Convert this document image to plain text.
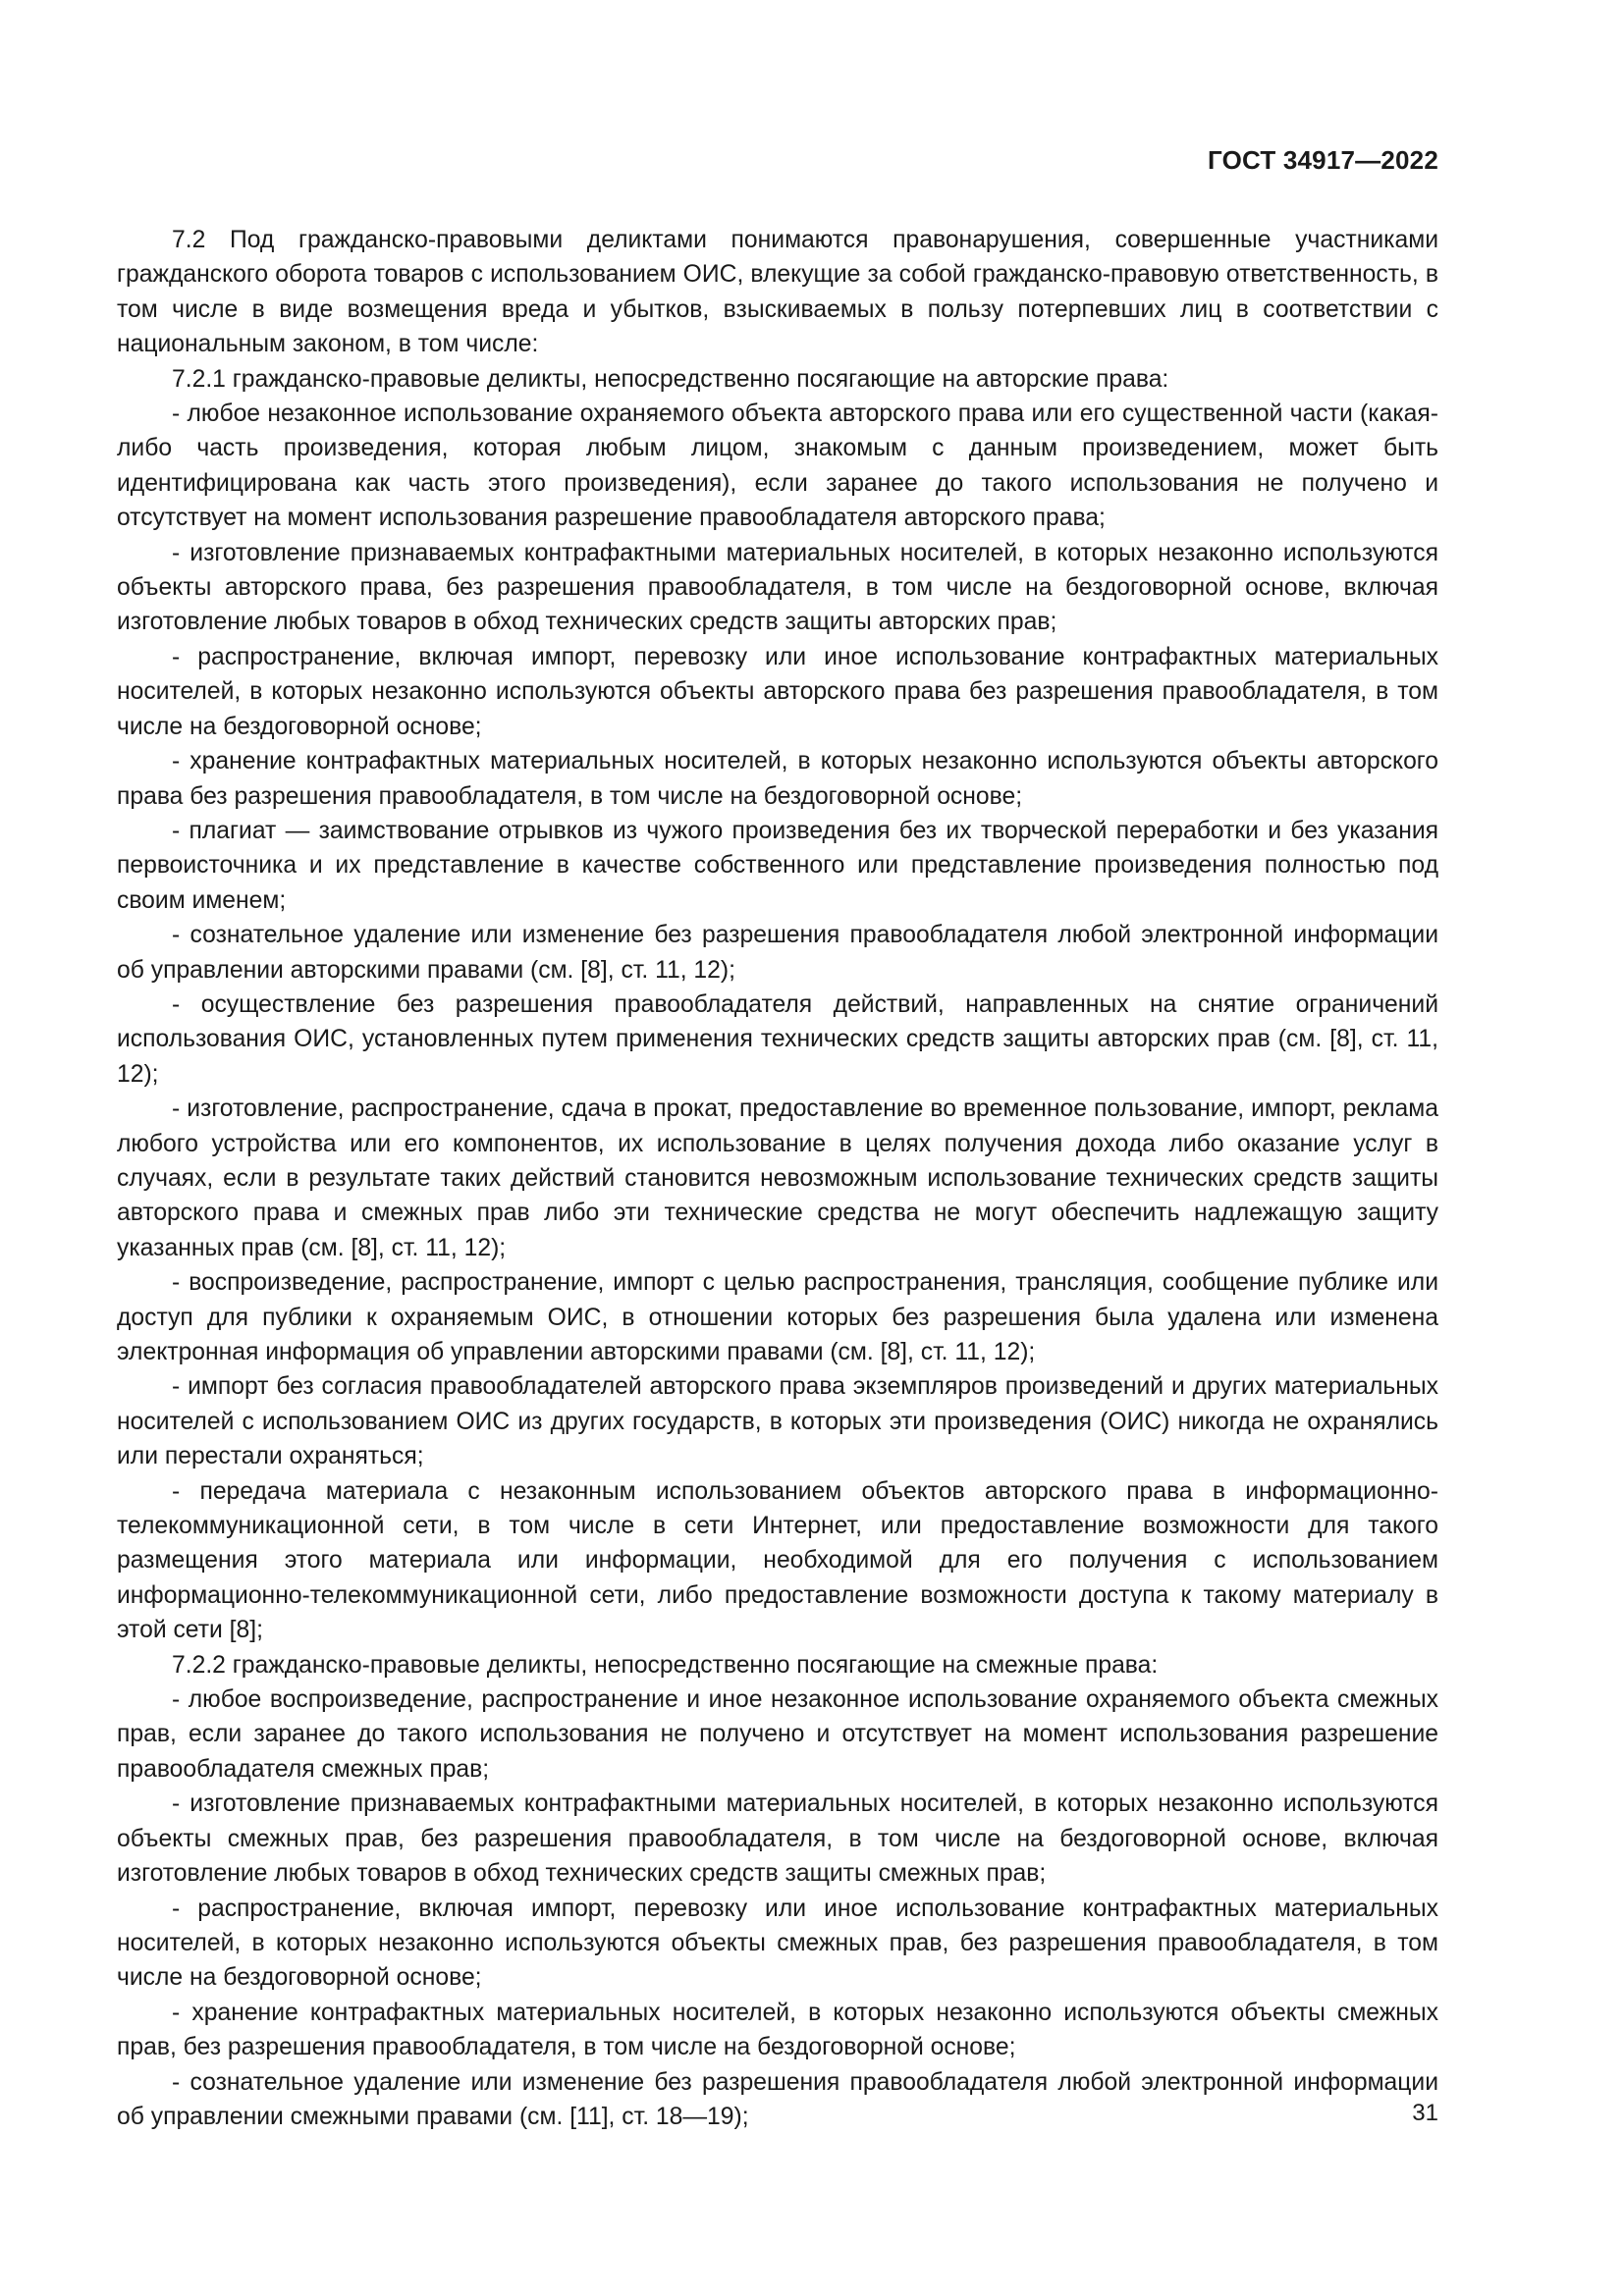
ГОСТ 34917—2022

7.2 Под гражданско-правовыми деликтами понимаются правонарушения, совершенные участниками гражданского оборота товаров с использованием ОИС, влекущие за собой гражданско-правовую ответственность, в том числе в виде возмещения вреда и убытков, взыскиваемых в пользу потерпевших лиц в соответствии с национальным законом, в том числе:

7.2.1 гражданско-правовые деликты, непосредственно посягающие на авторские права:

- любое незаконное использование охраняемого объекта авторского права или его существенной части (какая-либо часть произведения, которая любым лицом, знакомым с данным произведением, может быть идентифицирована как часть этого произведения), если заранее до такого использования не получено и отсутствует на момент использования разрешение правообладателя авторского права;

- изготовление признаваемых контрафактными материальных носителей, в которых незаконно используются объекты авторского права, без разрешения правообладателя, в том числе на бездоговорной основе, включая изготовление любых товаров в обход технических средств защиты авторских прав;

- распространение, включая импорт, перевозку или иное использование контрафактных материальных носителей, в которых незаконно используются объекты авторского права без разрешения правообладателя, в том числе на бездоговорной основе;

- хранение контрафактных материальных носителей, в которых незаконно используются объекты авторского права без разрешения правообладателя, в том числе на бездоговорной основе;

- плагиат — заимствование отрывков из чужого произведения без их творческой переработки и без указания первоисточника и их представление в качестве собственного или представление произведения полностью под своим именем;

- сознательное удаление или изменение без разрешения правообладателя любой электронной информации об управлении авторскими правами (см. [8], ст. 11, 12);

- осуществление без разрешения правообладателя действий, направленных на снятие ограничений использования ОИС, установленных путем применения технических средств защиты авторских прав (см. [8], ст. 11, 12);

- изготовление, распространение, сдача в прокат, предоставление во временное пользование, импорт, реклама любого устройства или его компонентов, их использование в целях получения дохода либо оказание услуг в случаях, если в результате таких действий становится невозможным использование технических средств защиты авторского права и смежных прав либо эти технические средства не могут обеспечить надлежащую защиту указанных прав (см. [8], ст. 11, 12);

- воспроизведение, распространение, импорт с целью распространения, трансляция, сообщение публике или доступ для публики к охраняемым ОИС, в отношении которых без разрешения была удалена или изменена электронная информация об управлении авторскими правами (см. [8], ст. 11, 12);

- импорт без согласия правообладателей авторского права экземпляров произведений и других материальных носителей с использованием ОИС из других государств, в которых эти произведения (ОИС) никогда не охранялись или перестали охраняться;

- передача материала с незаконным использованием объектов авторского права в информационно-телекоммуникационной сети, в том числе в сети Интернет, или предоставление возможности для такого размещения этого материала или информации, необходимой для его получения с использованием информационно-телекоммуникационной сети, либо предоставление возможности доступа к такому материалу в этой сети [8];

7.2.2 гражданско-правовые деликты, непосредственно посягающие на смежные права:

- любое воспроизведение, распространение и иное незаконное использование охраняемого объекта смежных прав, если заранее до такого использования не получено и отсутствует на момент использования разрешение правообладателя смежных прав;

- изготовление признаваемых контрафактными материальных носителей, в которых незаконно используются объекты смежных прав, без разрешения правообладателя, в том числе на бездоговорной основе, включая изготовление любых товаров в обход технических средств защиты смежных прав;

- распространение, включая импорт, перевозку или иное использование контрафактных материальных носителей, в которых незаконно используются объекты смежных прав, без разрешения правообладателя, в том числе на бездоговорной основе;

- хранение контрафактных материальных носителей, в которых незаконно используются объекты смежных прав, без разрешения правообладателя, в том числе на бездоговорной основе;

- сознательное удаление или изменение без разрешения правообладателя любой электронной информации об управлении смежными правами (см. [11], ст. 18—19);	31
